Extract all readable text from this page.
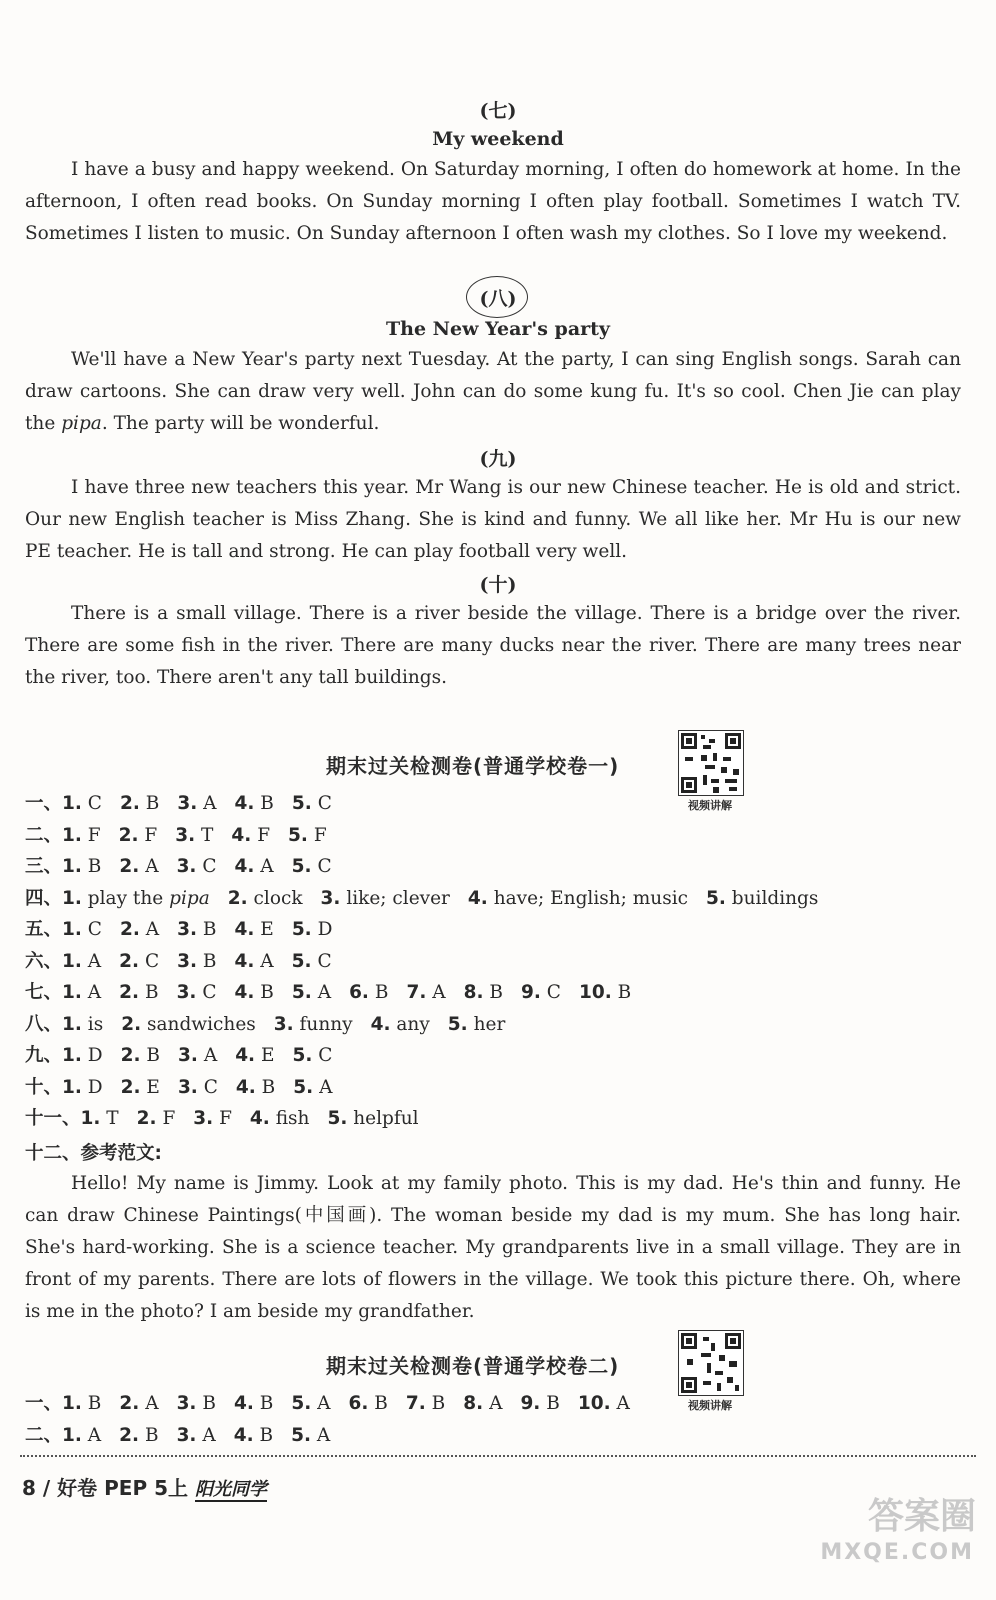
(七)
My weekend
I have a busy and happy weekend. On Saturday morning, I often do homework at home. In the afternoon, I often read books. On Sunday morning I often play football. Sometimes I watch TV. Sometimes I listen to music. On Sunday afternoon I often wash my clothes. So I love my weekend.
(八)
The New Year's party
We'll have a New Year's party next Tuesday. At the party, I can sing English songs. Sarah can draw cartoons. She can draw very well. John can do some kung fu. It's so cool. Chen Jie can play the pipa. The party will be wonderful.
(九)
I have three new teachers this year. Mr Wang is our new Chinese teacher. He is old and strict. Our new English teacher is Miss Zhang. She is kind and funny. We all like her. Mr Hu is our new PE teacher. He is tall and strong. He can play football very well.
(十)
There is a small village. There is a river beside the village. There is a bridge over the river. There are some fish in the river. There are many ducks near the river. There are many trees near the river, too. There aren't any tall buildings.
期末过关检测卷(普通学校卷一)
视频讲解
一、1. C 2. B 3. A 4. B 5. C
二、1. F 2. F 3. T 4. F 5. F
三、1. B 2. A 3. C 4. A 5. C
四、1. play the pipa 2. clock 3. like; clever 4. have; English; music 5. buildings
五、1. C 2. A 3. B 4. E 5. D
六、1. A 2. C 3. B 4. A 5. C
七、1. A 2. B 3. C 4. B 5. A 6. B 7. A 8. B 9. C 10. B
八、1. is 2. sandwiches 3. funny 4. any 5. her
九、1. D 2. B 3. A 4. E 5. C
十、1. D 2. E 3. C 4. B 5. A
十一、1. T 2. F 3. F 4. fish 5. helpful
十二、参考范文:
Hello! My name is Jimmy. Look at my family photo. This is my dad. He's thin and funny. He can draw Chinese Paintings(中国画). The woman beside my dad is my mum. She has long hair. She's hard-working. She is a science teacher. My grandparents live in a small village. They are in front of my parents. There are lots of flowers in the village. We took this picture there. Oh, where is me in the photo? I am beside my grandfather.
期末过关检测卷(普通学校卷二)
视频讲解
一、1. B 2. A 3. B 4. B 5. A 6. B 7. B 8. A 9. B 10. A
二、1. A 2. B 3. A 4. B 5. A
8 / 好卷 PEP 5上 阳光同学
答案圈
MXQE.COM
